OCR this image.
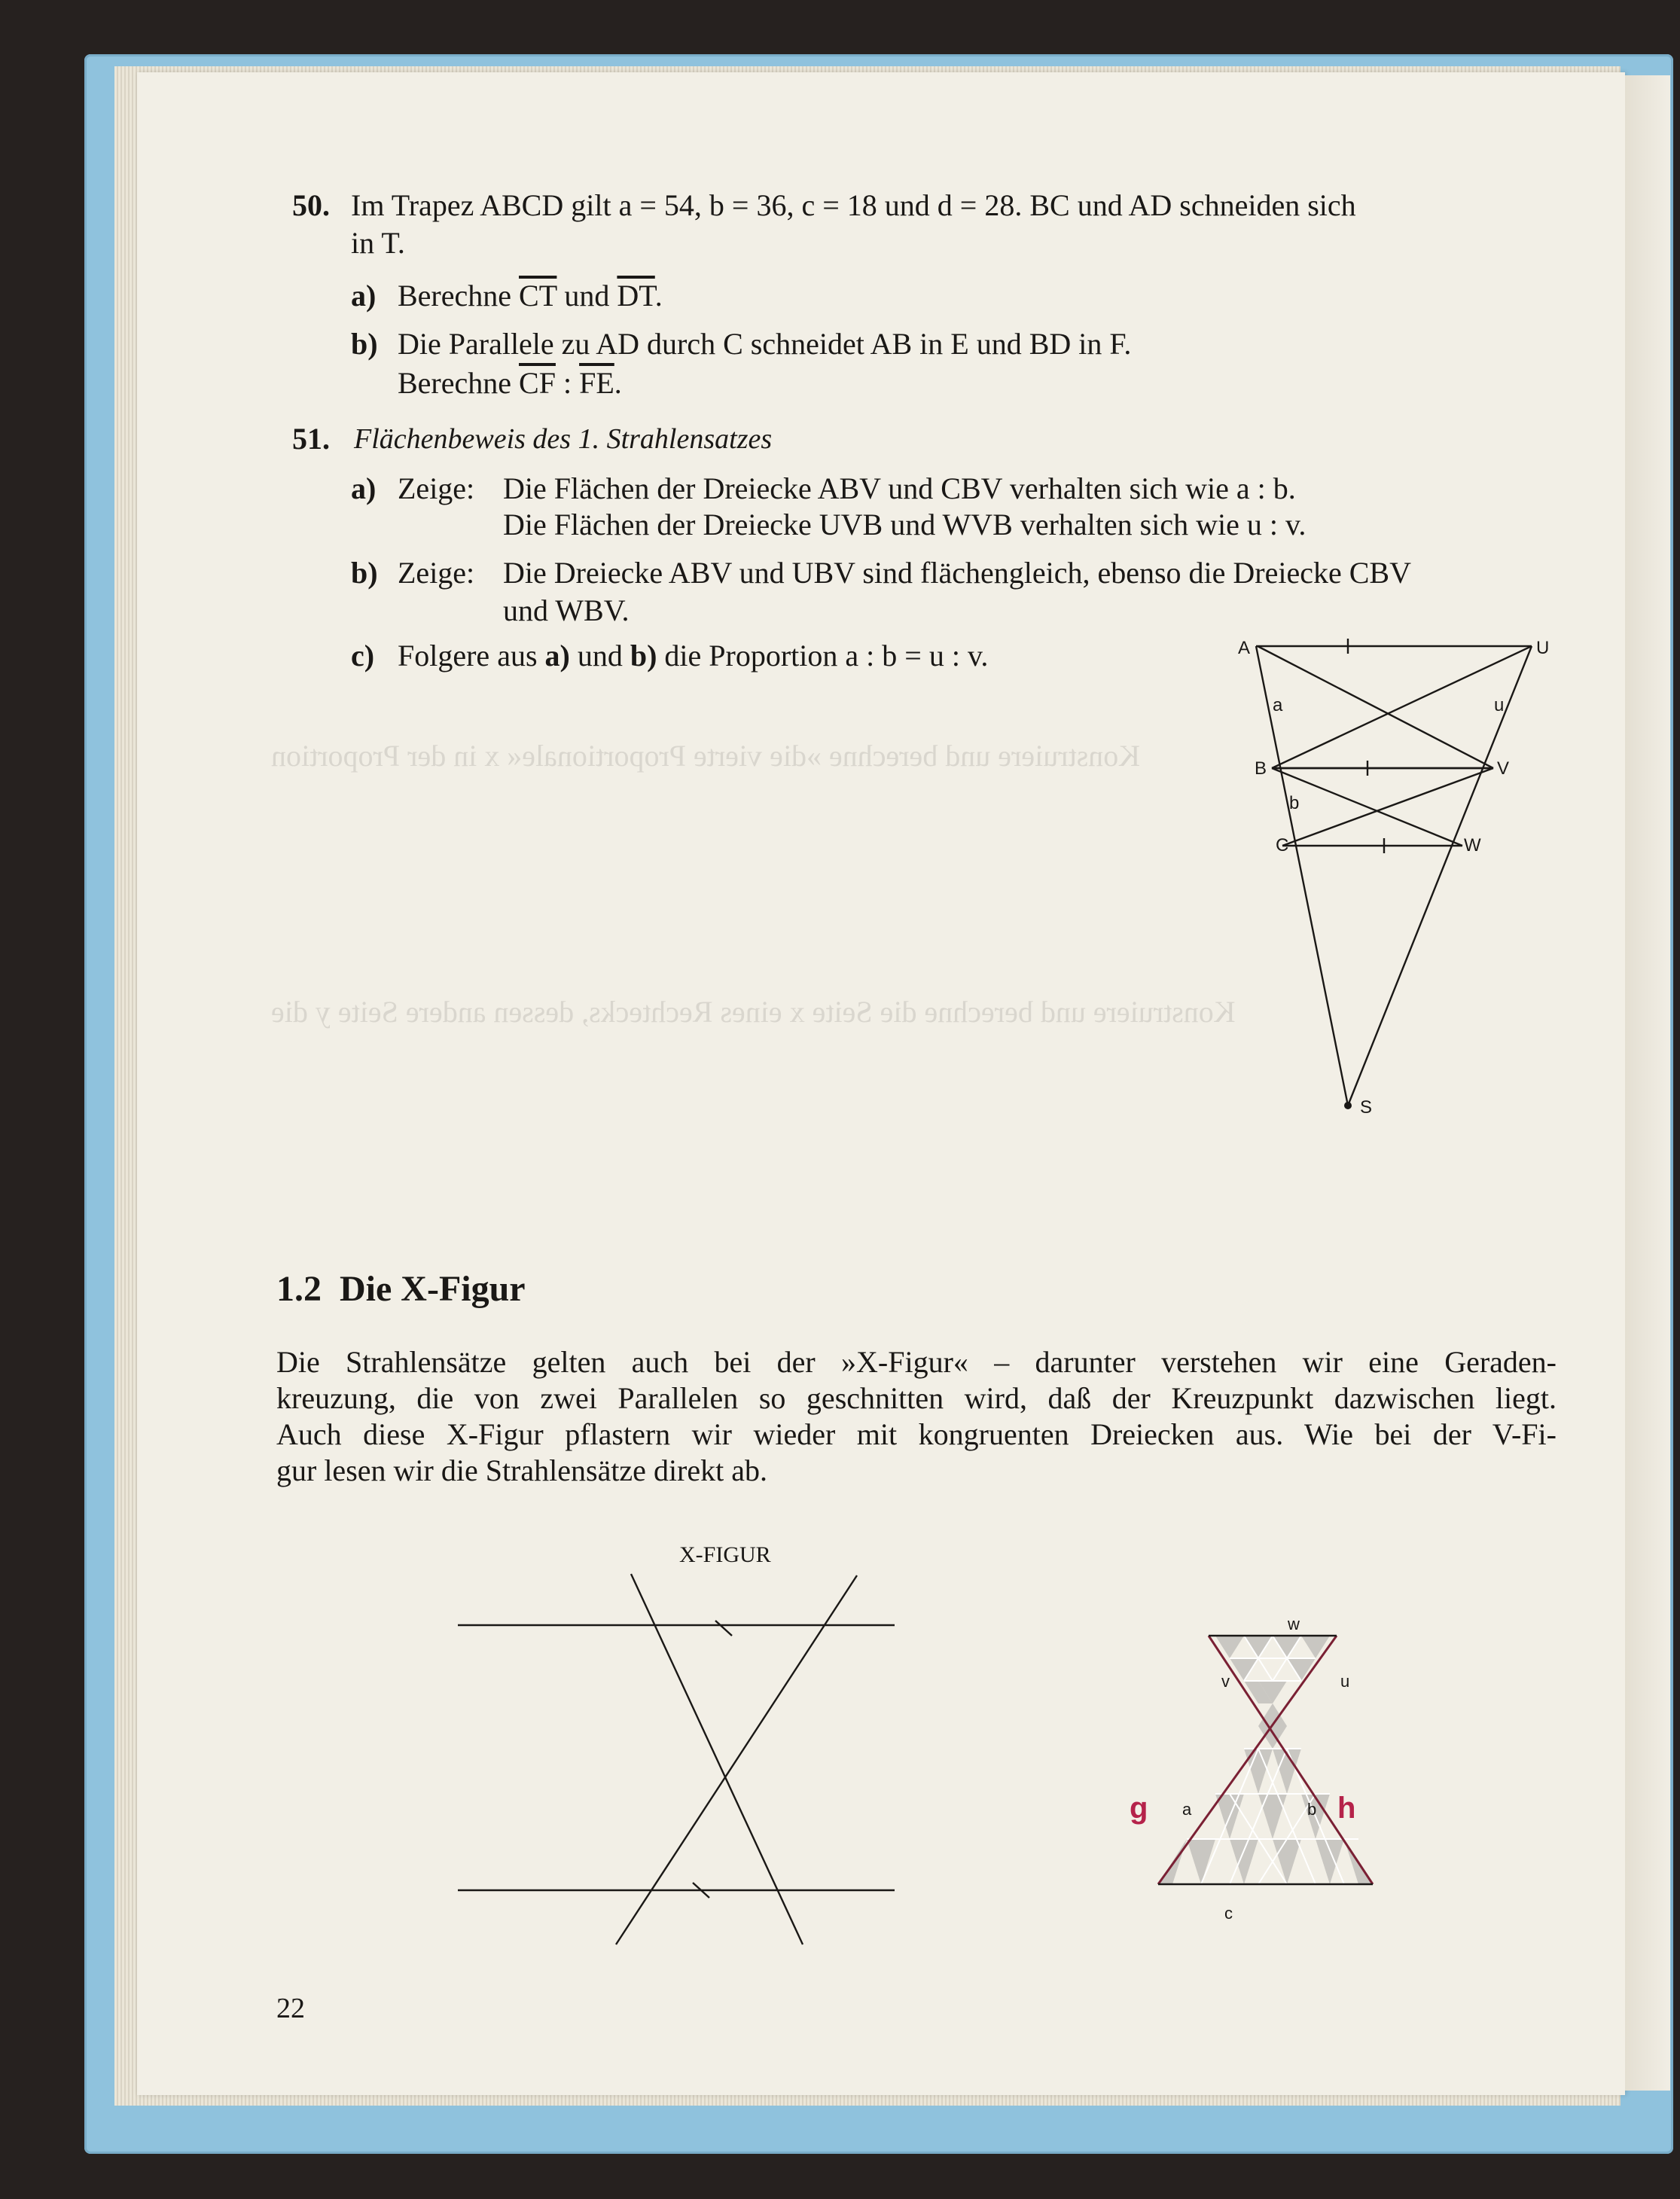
Konstruiere und berechne »die vierte Proportionale« x in der Proportion
Konstruiere und berechne die Seite x eines Rechtecks, dessen andere Seite y die
50. Im Trapez ABCD gilt a = 54, b = 36, c = 18 und d = 28. BC und AD schneiden sich
in T.
a) Berechne $\overline{CT}$ und $\overline{DT}$.
b) Die Parallele zu AD durch C schneidet AB in E und BD in F.
Berechne $\overline{CF}$ : $\overline{FE}$.
51. Flächenbeweis des 1. Strahlensatzes
a) Zeige: Die Flächen der Dreiecke ABV und CBV verhalten sich wie a : b.
Die Flächen der Dreiecke UVB und WVB verhalten sich wie u : v.
b) Zeige: Die Dreiecke ABV und UBV sind flächengleich, ebenso die Dreiecke CBV
und WBV.
c) Folgere aus a) und b) die Proportion a : b = u : v.	A	U
B	V
C	W
S
a	u
b
1.2 Die X-Figur
Die Strahlensätze gelten auch bei der »X-Figur« – darunter verstehen wir eine Geraden-
kreuzung, die von zwei Parallelen so geschnitten wird, daß der Kreuzpunkt dazwischen liegt.
Auch diese X-Figur pflastern wir wieder mit kongruenten Dreiecken aus. Wie bei der V-Fi-
gur lesen wir die Strahlensätze direkt ab.
X-FIGUR
w
v	u
a	b
c
g	h
22
